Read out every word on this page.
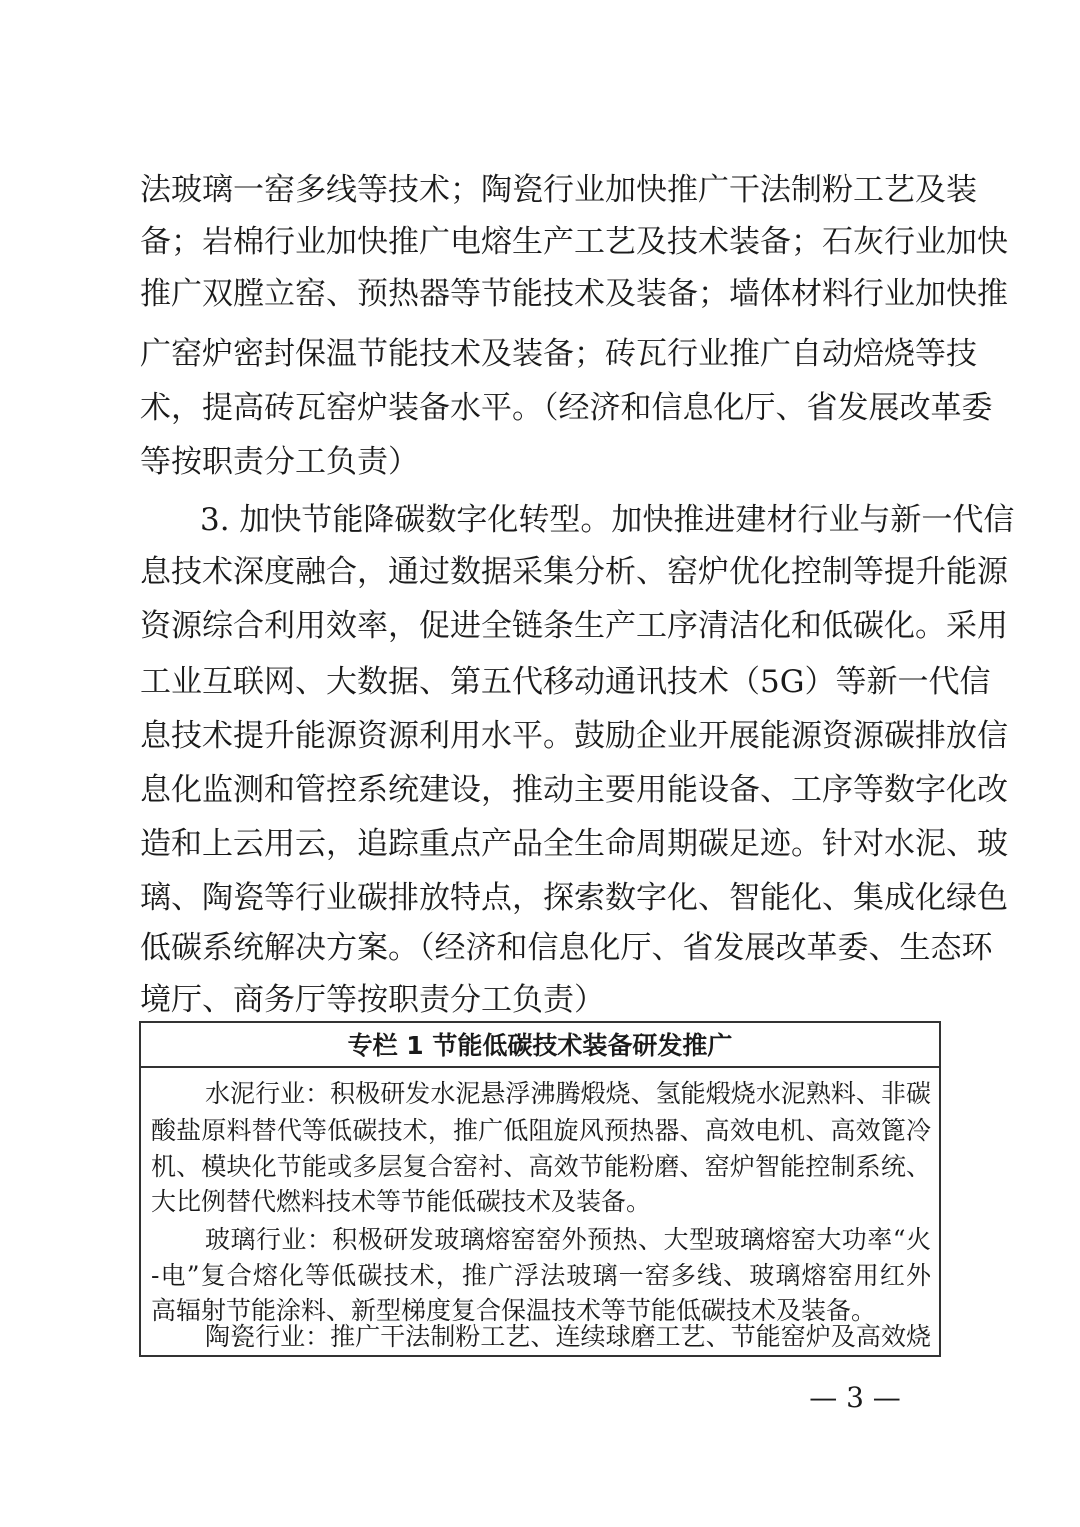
法玻璃一窑多线等技术；陶瓷行业加快推广干法制粉工艺及装
备；岩棉行业加快推广电熔生产工艺及技术装备；石灰行业加快
推广双膛立窑、预热器等节能技术及装备；墙体材料行业加快推
广窑炉密封保温节能技术及装备；砖瓦行业推广自动焙烧等技
术，提高砖瓦窑炉装备水平。（经济和信息化厅、省发展改革委
等按职责分工负责）
3. 加快节能降碳数字化转型。加快推进建材行业与新一代信
息技术深度融合，通过数据采集分析、窑炉优化控制等提升能源
资源综合利用效率，促进全链条生产工序清洁化和低碳化。采用
工业互联网、大数据、第五代移动通讯技术（5G）等新一代信
息技术提升能源资源利用水平。鼓励企业开展能源资源碳排放信
息化监测和管控系统建设，推动主要用能设备、工序等数字化改
造和上云用云，追踪重点产品全生命周期碳足迹。针对水泥、玻
璃、陶瓷等行业碳排放特点，探索数字化、智能化、集成化绿色
低碳系统解决方案。（经济和信息化厅、省发展改革委、生态环
境厅、商务厅等按职责分工负责）
专栏 1 节能低碳技术装备研发推广
水泥行业：积极研发水泥悬浮沸腾煅烧、氢能煅烧水泥熟料、非碳
酸盐原料替代等低碳技术，推广低阻旋风预热器、高效电机、高效篦冷
机、模块化节能或多层复合窑衬、高效节能粉磨、窑炉智能控制系统、
大比例替代燃料技术等节能低碳技术及装备。
玻璃行业：积极研发玻璃熔窑窑外预热、大型玻璃熔窑大功率“火
-电”复合熔化等低碳技术，推广浮法玻璃一窑多线、玻璃熔窑用红外
高辐射节能涂料、新型梯度复合保温技术等节能低碳技术及装备。
陶瓷行业：推广干法制粉工艺、连续球磨工艺、节能窑炉及高效烧
— 3 —
